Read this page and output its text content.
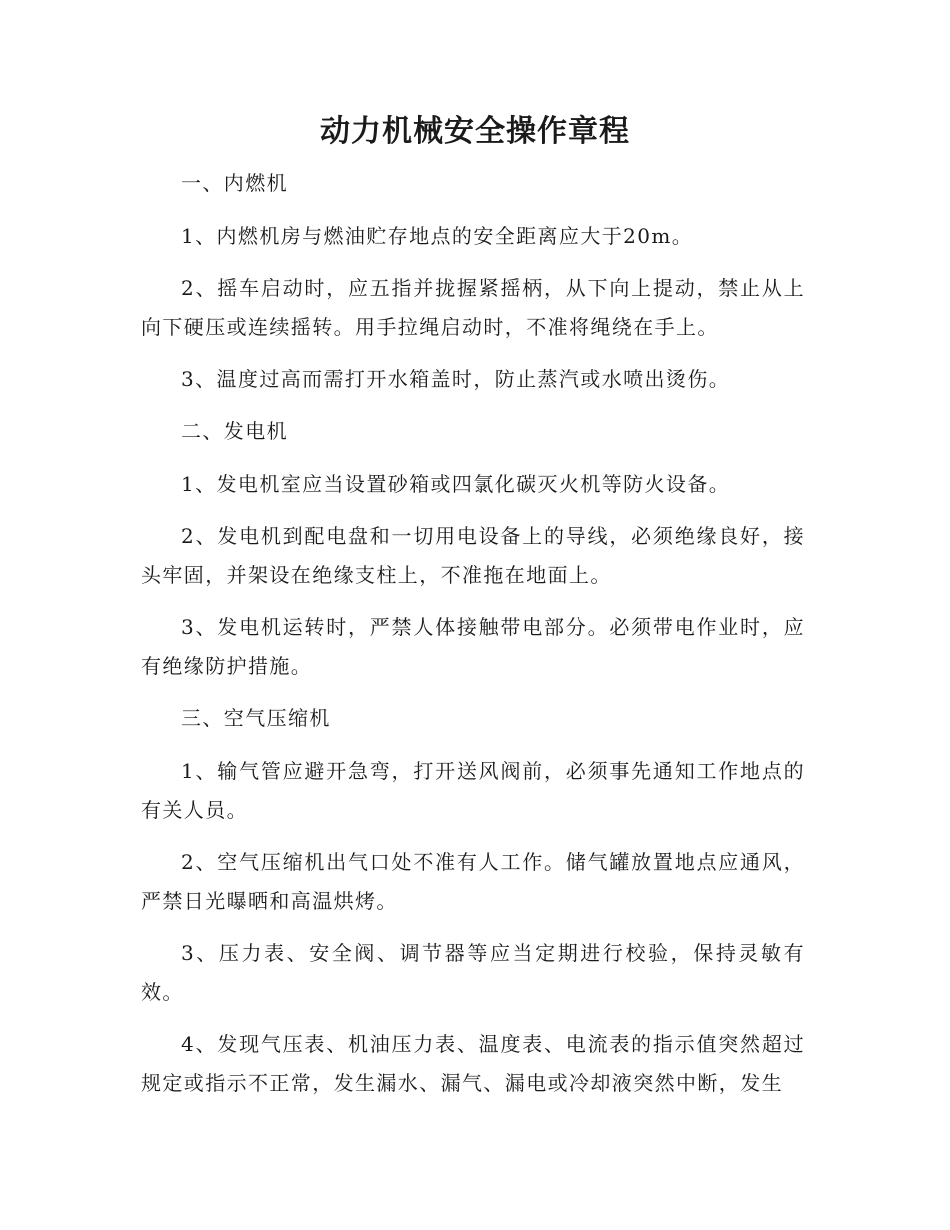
动力机械安全操作章程

一、内燃机

1、内燃机房与燃油贮存地点的安全距离应大于20m。

2、摇车启动时，应五指并拢握紧摇柄，从下向上提动，禁止从上向下硬压或连续摇转。用手拉绳启动时，不准将绳绕在手上。

3、温度过高而需打开水箱盖时，防止蒸汽或水喷出烫伤。

二、发电机

1、发电机室应当设置砂箱或四氯化碳灭火机等防火设备。

2、发电机到配电盘和一切用电设备上的导线，必须绝缘良好，接头牢固，并架设在绝缘支柱上，不准拖在地面上。

3、发电机运转时，严禁人体接触带电部分。必须带电作业时，应有绝缘防护措施。

三、空气压缩机

1、输气管应避开急弯，打开送风阀前，必须事先通知工作地点的有关人员。

2、空气压缩机出气口处不准有人工作。储气罐放置地点应通风，严禁日光曝晒和高温烘烤。

3、压力表、安全阀、调节器等应当定期进行校验，保持灵敏有效。

4、发现气压表、机油压力表、温度表、电流表的指示值突然超过规定或指示不正常，发生漏水、漏气、漏电或冷却液突然中断，发生
